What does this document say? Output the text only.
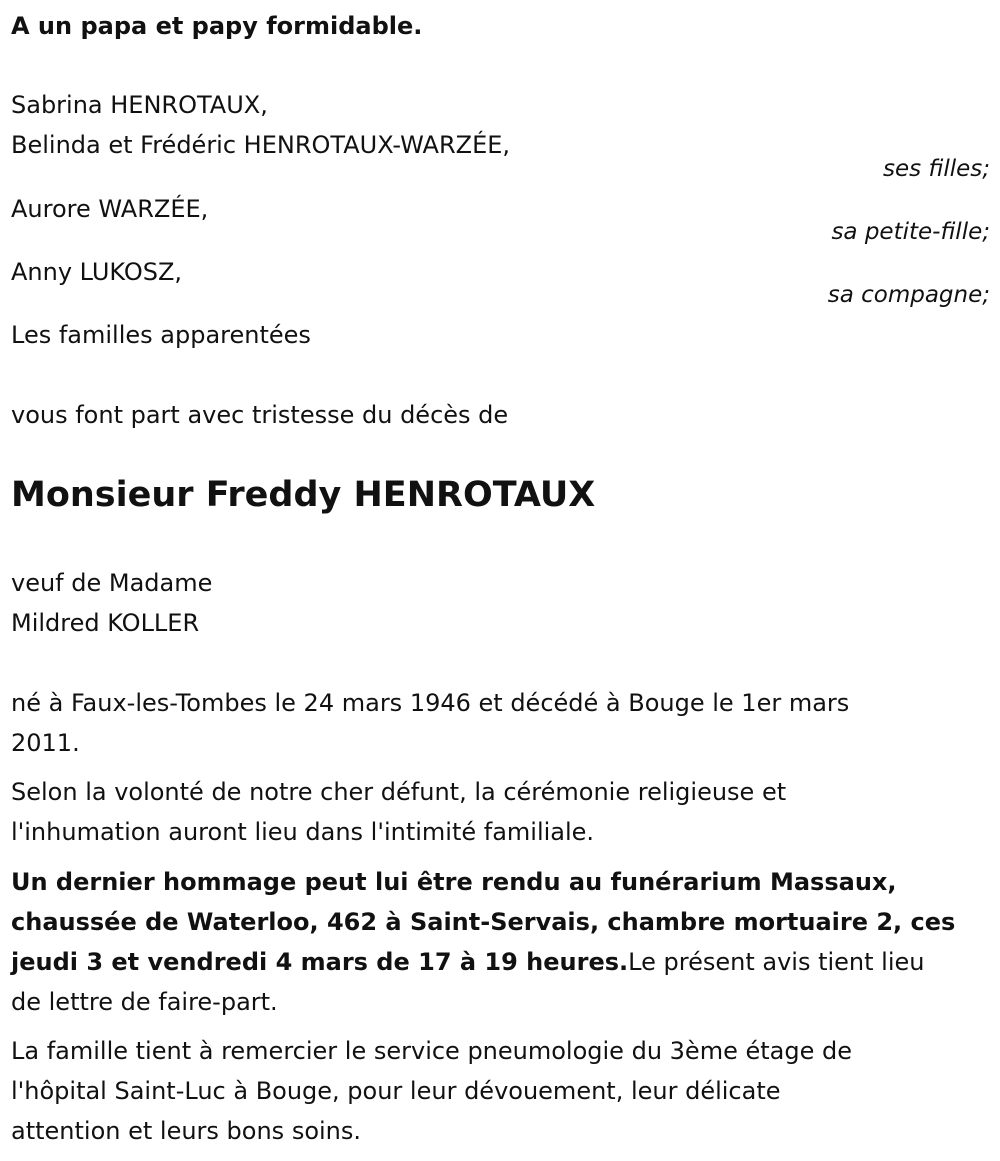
A un papa et papy formidable.
Sabrina HENROTAUX,
Belinda et Frédéric HENROTAUX-WARZÉE,
ses filles;
Aurore WARZÉE,
sa petite-fille;
Anny LUKOSZ,
sa compagne;
Les familles apparentées
vous font part avec tristesse du décès de
Monsieur Freddy HENROTAUX
veuf de Madame
Mildred KOLLER
né à Faux-les-Tombes le 24 mars 1946 et décédé à Bouge le 1er mars
2011.
Selon la volonté de notre cher défunt, la cérémonie religieuse et
l'inhumation auront lieu dans l'intimité familiale.
Un dernier hommage peut lui être rendu au funérarium Massaux,
chaussée de Waterloo, 462 à Saint-Servais, chambre mortuaire 2, ces
jeudi 3 et vendredi 4 mars de 17 à 19 heures.Le présent avis tient lieu
de lettre de faire-part.
La famille tient à remercier le service pneumologie du 3ème étage de
l'hôpital Saint-Luc à Bouge, pour leur dévouement, leur délicate
attention et leurs bons soins.
